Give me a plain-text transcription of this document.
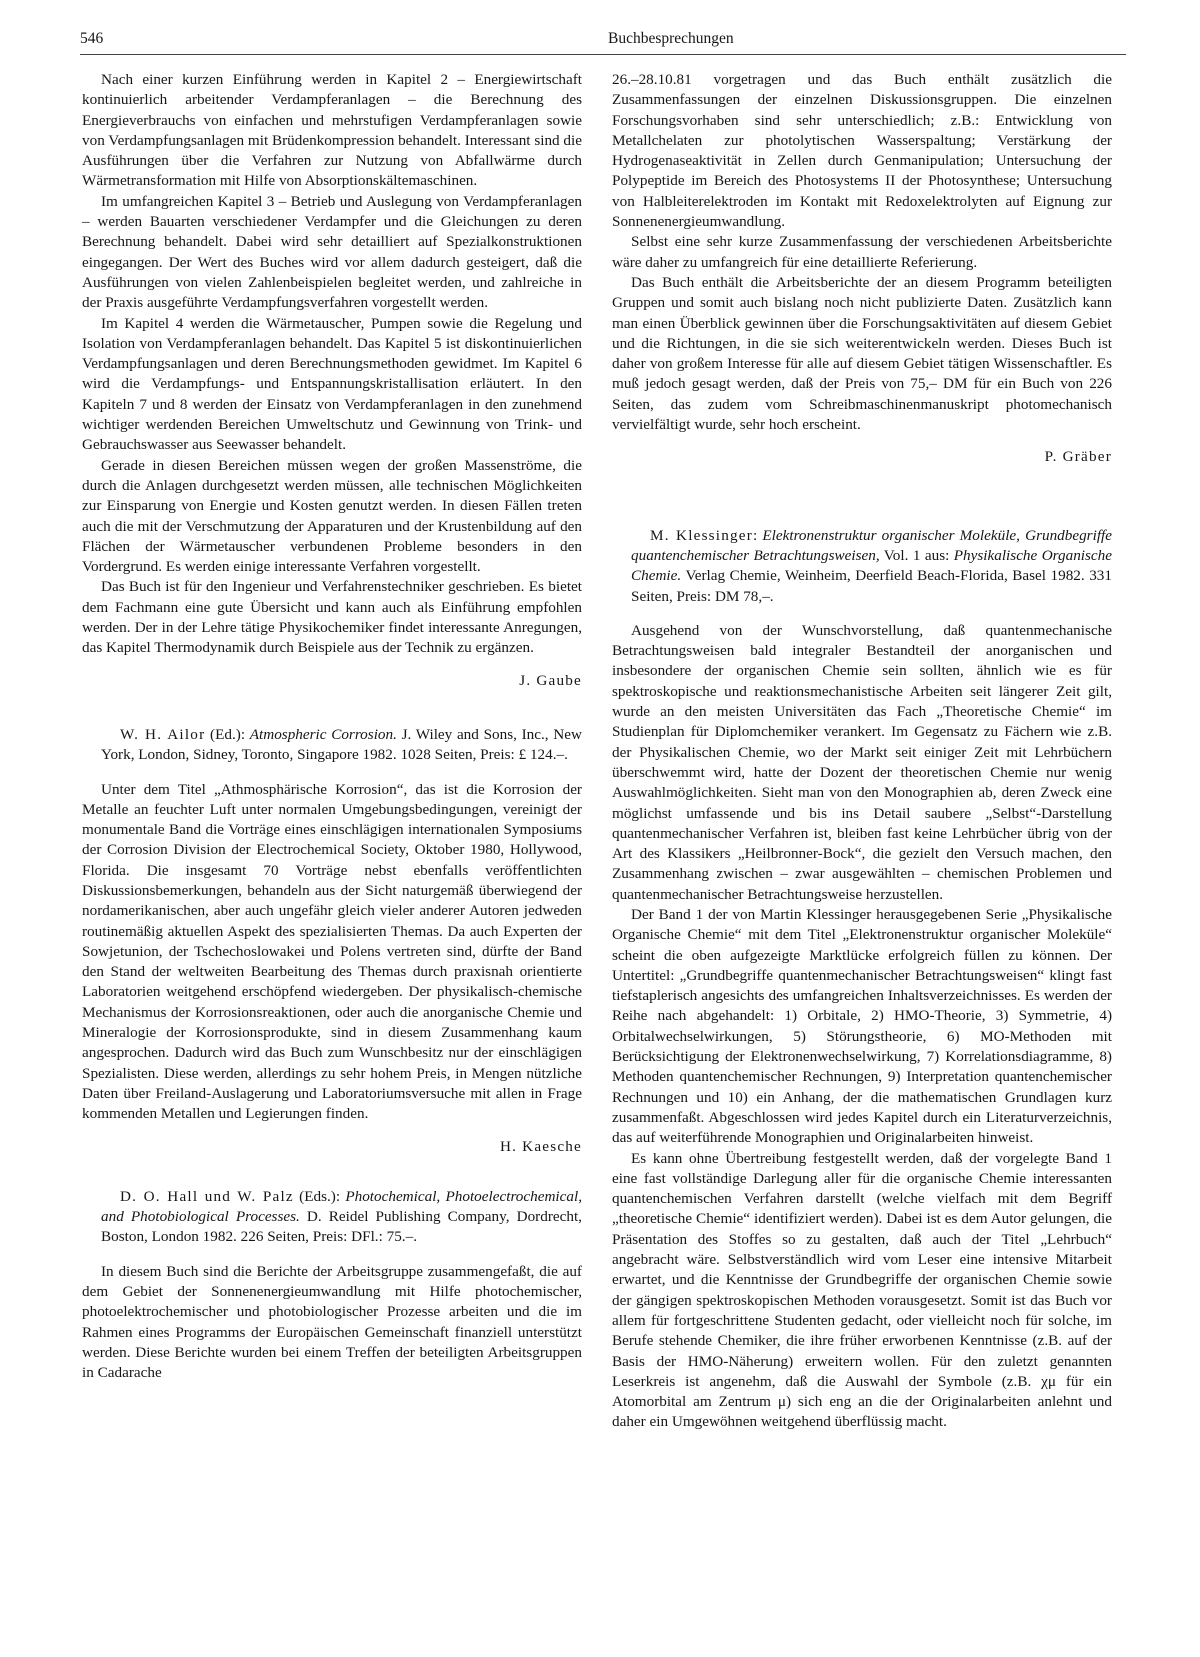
546	Buchbesprechungen

Nach einer kurzen Einführung werden in Kapitel 2 – Energiewirtschaft kontinuierlich arbeitender Verdampferanlagen – die Berechnung des Energieverbrauchs von einfachen und mehrstufigen Verdampferanlagen sowie von Verdampfungsanlagen mit Brüdenkompression behandelt. Interessant sind die Ausführungen über die Verfahren zur Nutzung von Abfallwärme durch Wärmetransformation mit Hilfe von Absorptionskältemaschinen.

Im umfangreichen Kapitel 3 – Betrieb und Auslegung von Verdampferanlagen – werden Bauarten verschiedener Verdampfer und die Gleichungen zu deren Berechnung behandelt. Dabei wird sehr detailliert auf Spezialkonstruktionen eingegangen. Der Wert des Buches wird vor allem dadurch gesteigert, daß die Ausführungen von vielen Zahlenbeispielen begleitet werden, und zahlreiche in der Praxis ausgeführte Verdampfungsverfahren vorgestellt werden.

Im Kapitel 4 werden die Wärmetauscher, Pumpen sowie die Regelung und Isolation von Verdampferanlagen behandelt. Das Kapitel 5 ist diskontinuierlichen Verdampfungsanlagen und deren Berechnungsmethoden gewidmet. Im Kapitel 6 wird die Verdampfungs- und Entspannungskristallisation erläutert. In den Kapiteln 7 und 8 werden der Einsatz von Verdampferanlagen in den zunehmend wichtiger werdenden Bereichen Umweltschutz und Gewinnung von Trink- und Gebrauchswasser aus Seewasser behandelt.

Gerade in diesen Bereichen müssen wegen der großen Massenströme, die durch die Anlagen durchgesetzt werden müssen, alle technischen Möglichkeiten zur Einsparung von Energie und Kosten genutzt werden. In diesen Fällen treten auch die mit der Verschmutzung der Apparaturen und der Krustenbildung auf den Flächen der Wärmetauscher verbundenen Probleme besonders in den Vordergrund. Es werden einige interessante Verfahren vorgestellt.

Das Buch ist für den Ingenieur und Verfahrenstechniker geschrieben. Es bietet dem Fachmann eine gute Übersicht und kann auch als Einführung empfohlen werden. Der in der Lehre tätige Physikochemiker findet interessante Anregungen, das Kapitel Thermodynamik durch Beispiele aus der Technik zu ergänzen.

J. Gaube

W. H. Ailor (Ed.): Atmospheric Corrosion. J. Wiley and Sons, Inc., New York, London, Sidney, Toronto, Singapore 1982. 1028 Seiten, Preis: £ 124.–.

Unter dem Titel „Athmosphärische Korrosion“, das ist die Korrosion der Metalle an feuchter Luft unter normalen Umgebungsbedingungen, vereinigt der monumentale Band die Vorträge eines einschlägigen internationalen Symposiums der Corrosion Division der Electrochemical Society, Oktober 1980, Hollywood, Florida. Die insgesamt 70 Vorträge nebst ebenfalls veröffentlichten Diskussionsbemerkungen, behandeln aus der Sicht naturgemäß überwiegend der nordamerikanischen, aber auch ungefähr gleich vieler anderer Autoren jedweden routinemäßig aktuellen Aspekt des spezialisierten Themas. Da auch Experten der Sowjetunion, der Tschechoslowakei und Polens vertreten sind, dürfte der Band den Stand der weltweiten Bearbeitung des Themas durch praxisnah orientierte Laboratorien weitgehend erschöpfend wiedergeben. Der physikalisch-chemische Mechanismus der Korrosionsreaktionen, oder auch die anorganische Chemie und Mineralogie der Korrosionsprodukte, sind in diesem Zusammenhang kaum angesprochen. Dadurch wird das Buch zum Wunschbesitz nur der einschlägigen Spezialisten. Diese werden, allerdings zu sehr hohem Preis, in Mengen nützliche Daten über Freiland-Auslagerung und Laboratoriumsversuche mit allen in Frage kommenden Metallen und Legierungen finden.

H. Kaesche

D. O. Hall und W. Palz (Eds.): Photochemical, Photoelectrochemical, and Photobiological Processes. D. Reidel Publishing Company, Dordrecht, Boston, London 1982. 226 Seiten, Preis: DFl.: 75.–.

In diesem Buch sind die Berichte der Arbeitsgruppe zusammengefaßt, die auf dem Gebiet der Sonnenenergieumwandlung mit Hilfe photochemischer, photoelektrochemischer und photobiologischer Prozesse arbeiten und die im Rahmen eines Programms der Europäischen Gemeinschaft finanziell unterstützt werden. Diese Berichte wurden bei einem Treffen der beteiligten Arbeitsgruppen in Cadarache

26.–28.10.81 vorgetragen und das Buch enthält zusätzlich die Zusammenfassungen der einzelnen Diskussionsgruppen. Die einzelnen Forschungsvorhaben sind sehr unterschiedlich; z.B.: Entwicklung von Metallchelaten zur photolytischen Wasserspaltung; Verstärkung der Hydrogenaseaktivität in Zellen durch Genmanipulation; Untersuchung der Polypeptide im Bereich des Photosystems II der Photosynthese; Untersuchung von Halbleiterelektroden im Kontakt mit Redoxelektrolyten auf Eignung zur Sonnenenergieumwandlung.

Selbst eine sehr kurze Zusammenfassung der verschiedenen Arbeitsberichte wäre daher zu umfangreich für eine detaillierte Referierung.

Das Buch enthält die Arbeitsberichte der an diesem Programm beteiligten Gruppen und somit auch bislang noch nicht publizierte Daten. Zusätzlich kann man einen Überblick gewinnen über die Forschungsaktivitäten auf diesem Gebiet und die Richtungen, in die sie sich weiterentwickeln werden. Dieses Buch ist daher von großem Interesse für alle auf diesem Gebiet tätigen Wissenschaftler. Es muß jedoch gesagt werden, daß der Preis von 75,– DM für ein Buch von 226 Seiten, das zudem vom Schreibmaschinenmanuskript photomechanisch vervielfältigt wurde, sehr hoch erscheint.

P. Gräber

M. Klessinger: Elektronenstruktur organischer Moleküle, Grundbegriffe quantenchemischer Betrachtungsweisen, Vol. 1 aus: Physikalische Organische Chemie. Verlag Chemie, Weinheim, Deerfield Beach-Florida, Basel 1982. 331 Seiten, Preis: DM 78,–.

Ausgehend von der Wunschvorstellung, daß quantenmechanische Betrachtungsweisen bald integraler Bestandteil der anorganischen und insbesondere der organischen Chemie sein sollten, ähnlich wie es für spektroskopische und reaktionsmechanistische Arbeiten seit längerer Zeit gilt, wurde an den meisten Universitäten das Fach „Theoretische Chemie“ im Studienplan für Diplomchemiker verankert. Im Gegensatz zu Fächern wie z.B. der Physikalischen Chemie, wo der Markt seit einiger Zeit mit Lehrbüchern überschwemmt wird, hatte der Dozent der theoretischen Chemie nur wenig Auswahlmöglichkeiten. Sieht man von den Monographien ab, deren Zweck eine möglichst umfassende und bis ins Detail saubere „Selbst“-Darstellung quantenmechanischer Verfahren ist, bleiben fast keine Lehrbücher übrig von der Art des Klassikers „Heilbronner-Bock“, die gezielt den Versuch machen, den Zusammenhang zwischen – zwar ausgewählten – chemischen Problemen und quantenmechanischer Betrachtungsweise herzustellen.

Der Band 1 der von Martin Klessinger herausgegebenen Serie „Physikalische Organische Chemie“ mit dem Titel „Elektronenstruktur organischer Moleküle“ scheint die oben aufgezeigte Marktlücke erfolgreich füllen zu können. Der Untertitel: „Grundbegriffe quantenmechanischer Betrachtungsweisen“ klingt fast tiefstaplerisch angesichts des umfangreichen Inhaltsverzeichnisses. Es werden der Reihe nach abgehandelt: 1) Orbitale, 2) HMO-Theorie, 3) Symmetrie, 4) Orbitalwechselwirkungen, 5) Störungstheorie, 6) MO-Methoden mit Berücksichtigung der Elektronenwechselwirkung, 7) Korrelationsdiagramme, 8) Methoden quantenchemischer Rechnungen, 9) Interpretation quantenchemischer Rechnungen und 10) ein Anhang, der die mathematischen Grundlagen kurz zusammenfaßt. Abgeschlossen wird jedes Kapitel durch ein Literaturverzeichnis, das auf weiterführende Monographien und Originalarbeiten hinweist.

Es kann ohne Übertreibung festgestellt werden, daß der vorgelegte Band 1 eine fast vollständige Darlegung aller für die organische Chemie interessanten quantenchemischen Verfahren darstellt (welche vielfach mit dem Begriff „theoretische Chemie“ identifiziert werden). Dabei ist es dem Autor gelungen, die Präsentation des Stoffes so zu gestalten, daß auch der Titel „Lehrbuch“ angebracht wäre. Selbstverständlich wird vom Leser eine intensive Mitarbeit erwartet, und die Kenntnisse der Grundbegriffe der organischen Chemie sowie der gängigen spektroskopischen Methoden vorausgesetzt. Somit ist das Buch vor allem für fortgeschrittene Studenten gedacht, oder vielleicht noch für solche, im Berufe stehende Chemiker, die ihre früher erworbenen Kenntnisse (z.B. auf der Basis der HMO-Näherung) erweitern wollen. Für den zuletzt genannten Leserkreis ist angenehm, daß die Auswahl der Symbole (z.B. χμ für ein Atomorbital am Zentrum μ) sich eng an die der Originalarbeiten anlehnt und daher ein Umgewöhnen weitgehend überflüssig macht.
